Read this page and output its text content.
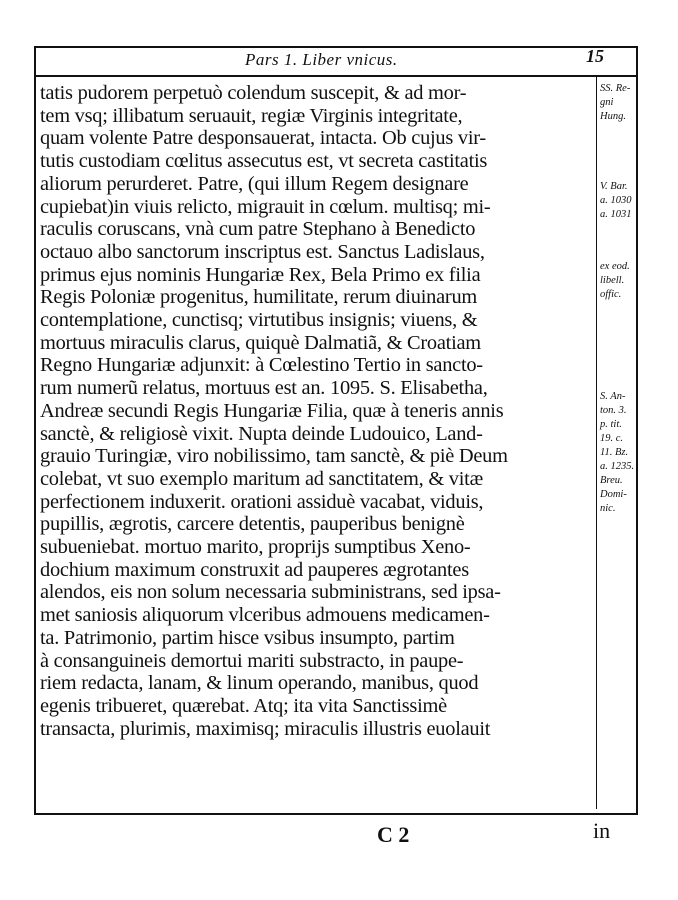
Pars 1. Liber vnicus.	15
tatis pudorem perpetuò colendum suscepit, & ad mor-
tem vsq; illibatum seruauit, regiæ Virginis integritate,
quam volente Patre desponsauerat, intacta. Ob cujus vir-
tutis custodiam cœlitus assecutus est, vt secreta castitatis
aliorum perurderet. Patre, (qui illum Regem designare
cupiebat)in viuis relicto, migrauit in cœlum. multisq; mi-
raculis coruscans, vnà cum patre Stephano à Benedicto
octauo albo sanctorum inscriptus est. Sanctus Ladislaus,
primus ejus nominis Hungariæ Rex, Bela Primo ex filia
Regis Poloniæ progenitus, humilitate, rerum diuinarum
contemplatione, cunctisq; virtutibus insignis; viuens, &
mortuus miraculis clarus, quiquè Dalmatiã, & Croatiam
Regno Hungariæ adjunxit: à Cœlestino Tertio in sancto-
rum numerũ relatus, mortuus est an. 1095. S. Elisabetha,
Andreæ secundi Regis Hungariæ Filia, quæ à teneris annis
sanctè, & religiosè vixit. Nupta deinde Ludouico, Land-
grauio Turingiæ, viro nobilissimo, tam sanctè, & piè Deum
colebat, vt suo exemplo maritum ad sanctitatem, & vitæ
perfectionem induxerit. orationi assiduè vacabat, viduis,
pupillis, ægrotis, carcere detentis, pauperibus benignè
subueniebat. mortuo marito, proprijs sumptibus Xeno-
dochium maximum construxit ad pauperes ægrotantes
alendos, eis non solum necessaria subministrans, sed ipsa-
met saniosis aliquorum vlceribus admouens medicamen-
ta. Patrimonio, partim hisce vsibus insumpto, partim
à consanguineis demortui mariti substracto, in paupe-
riem redacta, lanam, & linum operando, manibus, quod
egenis tribueret, quærebat. Atq; ita vita Sanctissimè
transacta, plurimis, maximisq; miraculis illustris euolauit
SS. Re-
gni
Hung.
V. Bar.
a. 1030
a. 1031
ex eod.
libell.
offic.
S. An-
ton. 3.
p. tit.
19. c.
11. Bz.
a. 1235.
Breu.
Domi-
nic.
C 2	in
